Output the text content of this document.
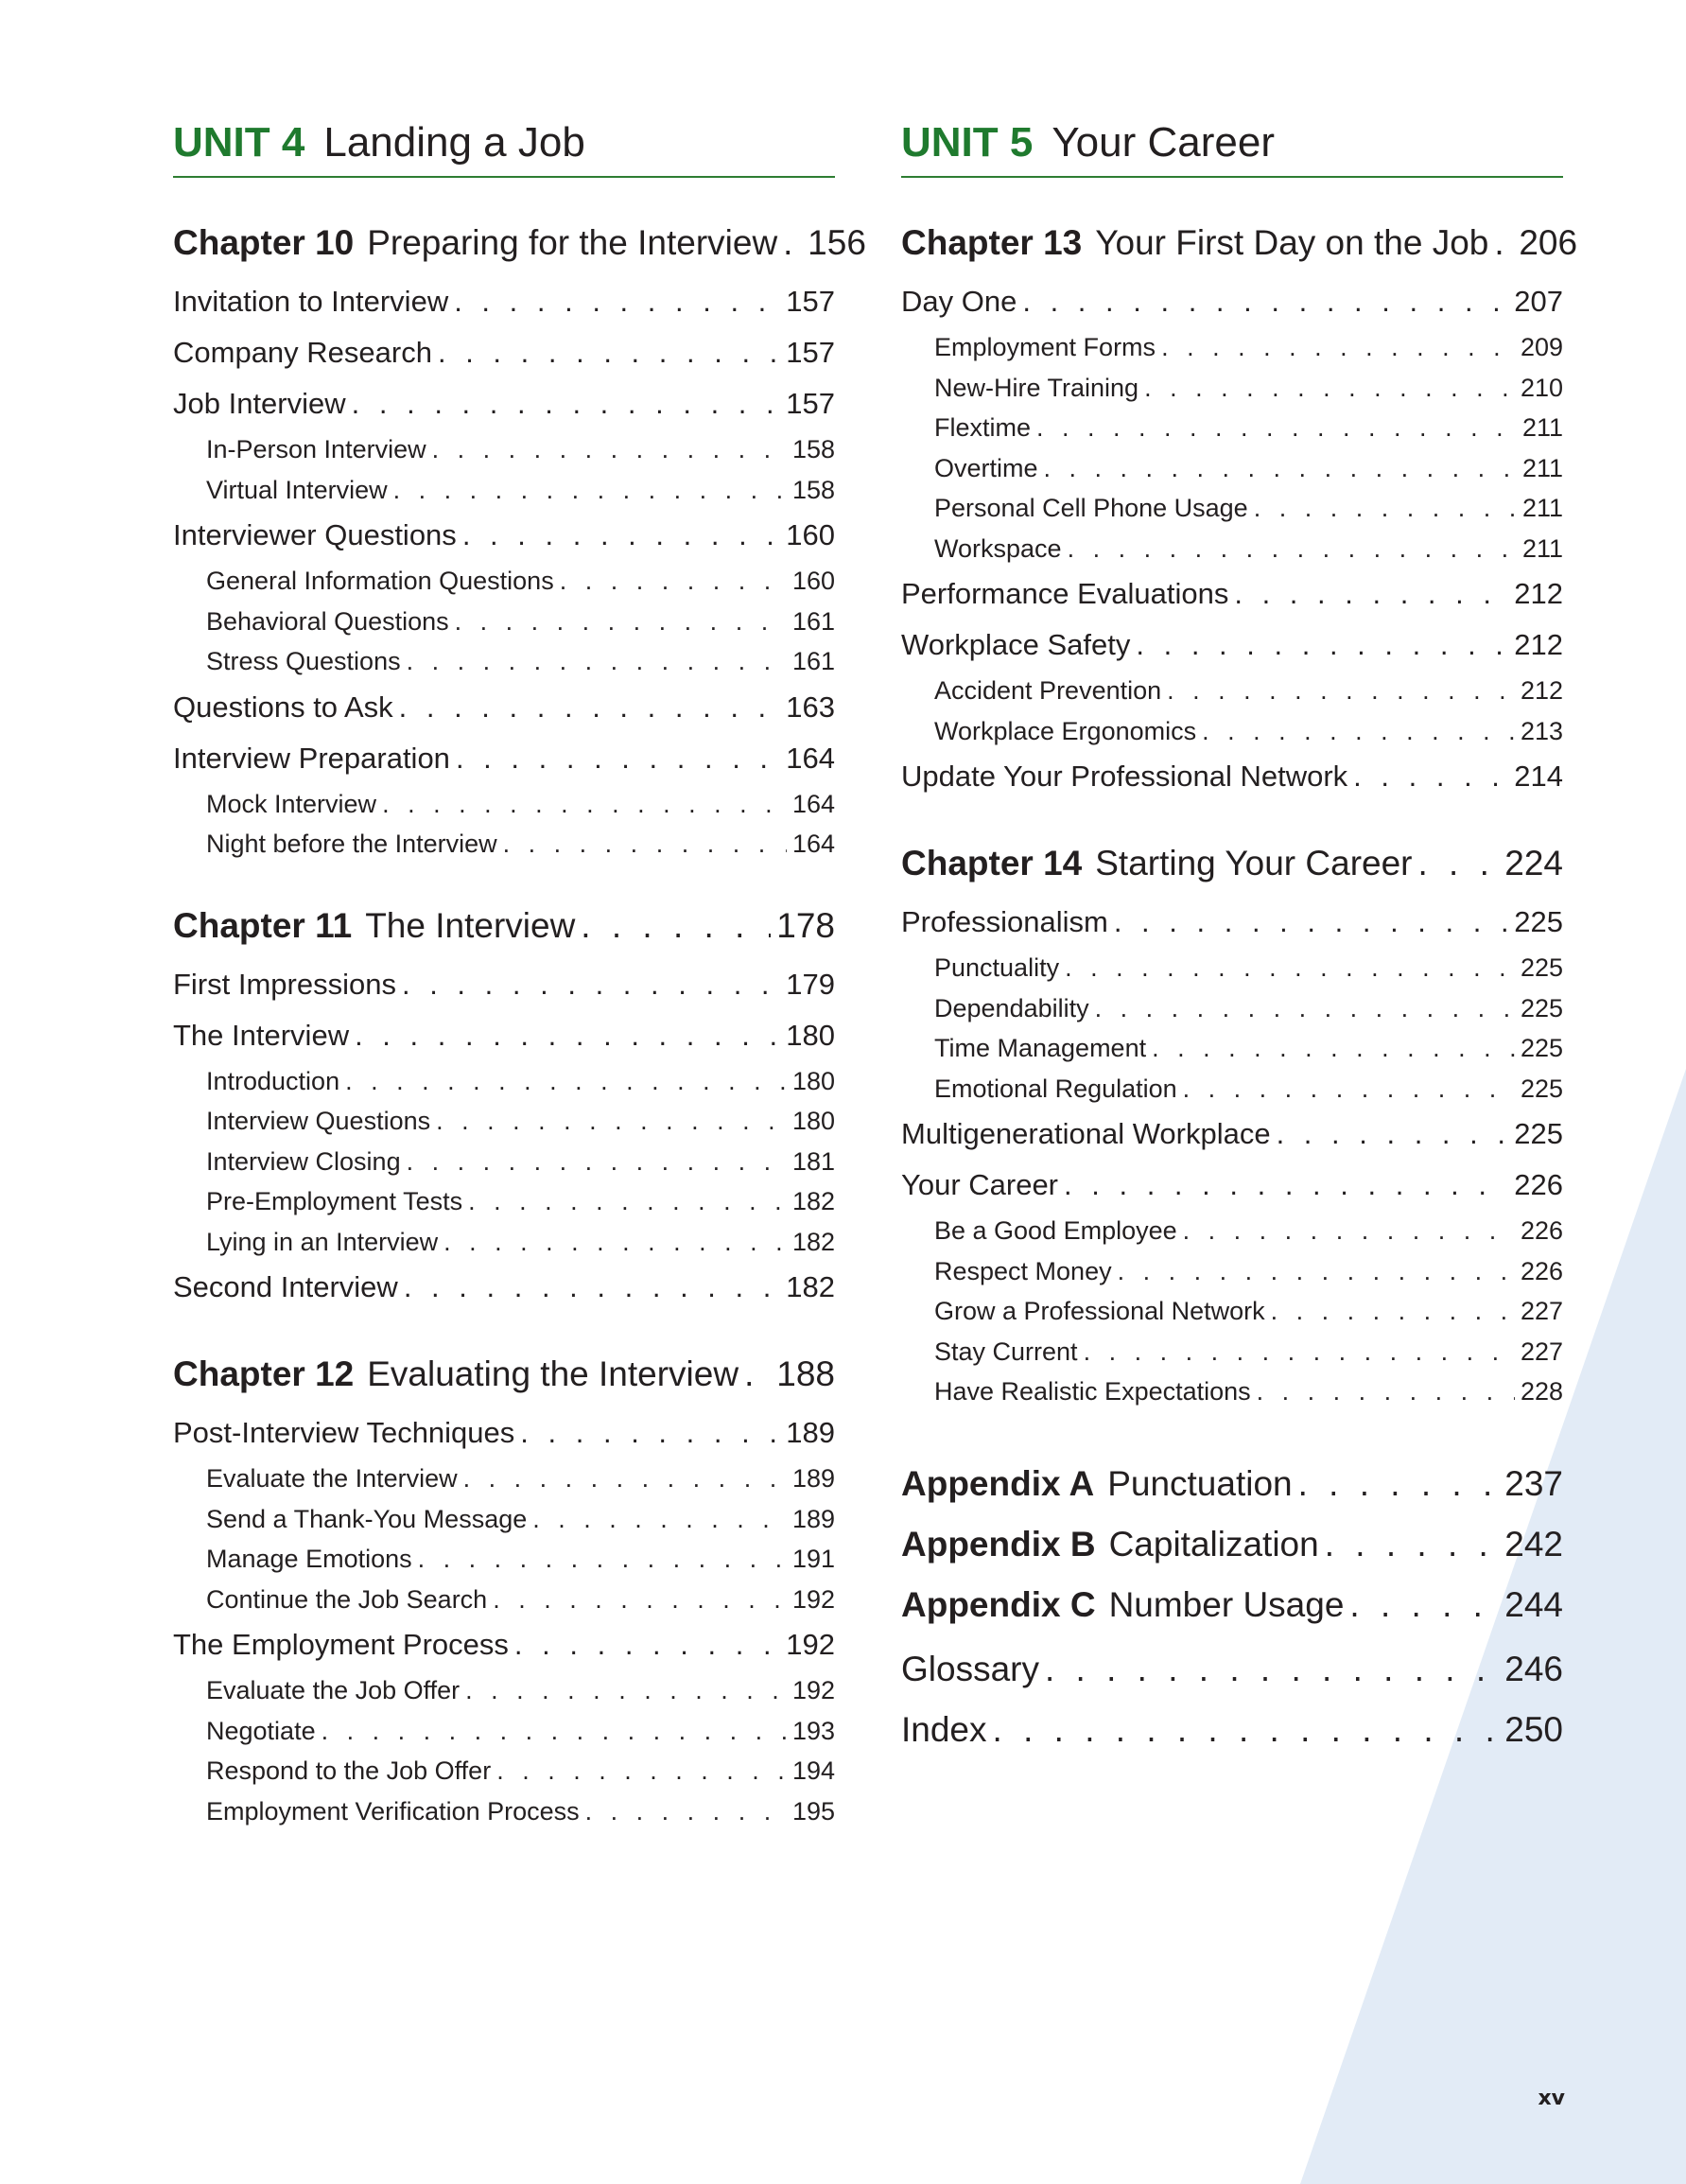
UNIT 4 Landing a Job
Chapter 10 Preparing for the Interview . . . 156
Invitation to Interview . . .	157
Company Research . . .	157
Job Interview . . .	157
In-Person Interview . . .	158
Virtual Interview . . .	158
Interviewer Questions . . .	160
General Information Questions . . .	160
Behavioral Questions . . .	161
Stress Questions . . .	161
Questions to Ask . . .	163
Interview Preparation . . .	164
Mock Interview . . .	164
Night before the Interview . . .	164
Chapter 11 The Interview . . .	178
First Impressions . . .	179
The Interview . . .	180
Introduction . . .	180
Interview Questions . . .	180
Interview Closing . . .	181
Pre-Employment Tests . . .	182
Lying in an Interview . . .	182
Second Interview . . .	182
Chapter 12 Evaluating the Interview . . . 188
Post-Interview Techniques . . .	189
Evaluate the Interview . . .	189
Send a Thank-You Message . . .	189
Manage Emotions . . .	191
Continue the Job Search . . .	192
The Employment Process . . .	192
Evaluate the Job Offer . . .	192
Negotiate . . .	193
Respond to the Job Offer . . .	194
Employment Verification Process . . .	195
UNIT 5 Your Career
Chapter 13 Your First Day on the Job . . . 206
Day One . . .	207
Employment Forms . . .	209
New-Hire Training . . .	210
Flextime . . .	211
Overtime . . .	211
Personal Cell Phone Usage . . .	211
Workspace . . .	211
Performance Evaluations . . .	212
Workplace Safety . . .	212
Accident Prevention . . .	212
Workplace Ergonomics . . .	213
Update Your Professional Network . . .	214
Chapter 14 Starting Your Career . . .	224
Professionalism . . .	225
Punctuality . . .	225
Dependability . . .	225
Time Management . . .	225
Emotional Regulation . . .	225
Multigenerational Workplace . . .	225
Your Career . . .	226
Be a Good Employee . . .	226
Respect Money . . .	226
Grow a Professional Network . . .	227
Stay Current . . .	227
Have Realistic Expectations . . .	228
Appendix A Punctuation . . .	237
Appendix B Capitalization . . .	242
Appendix C Number Usage . . .	244
Glossary . . .	246
Index . . .	250
xv
